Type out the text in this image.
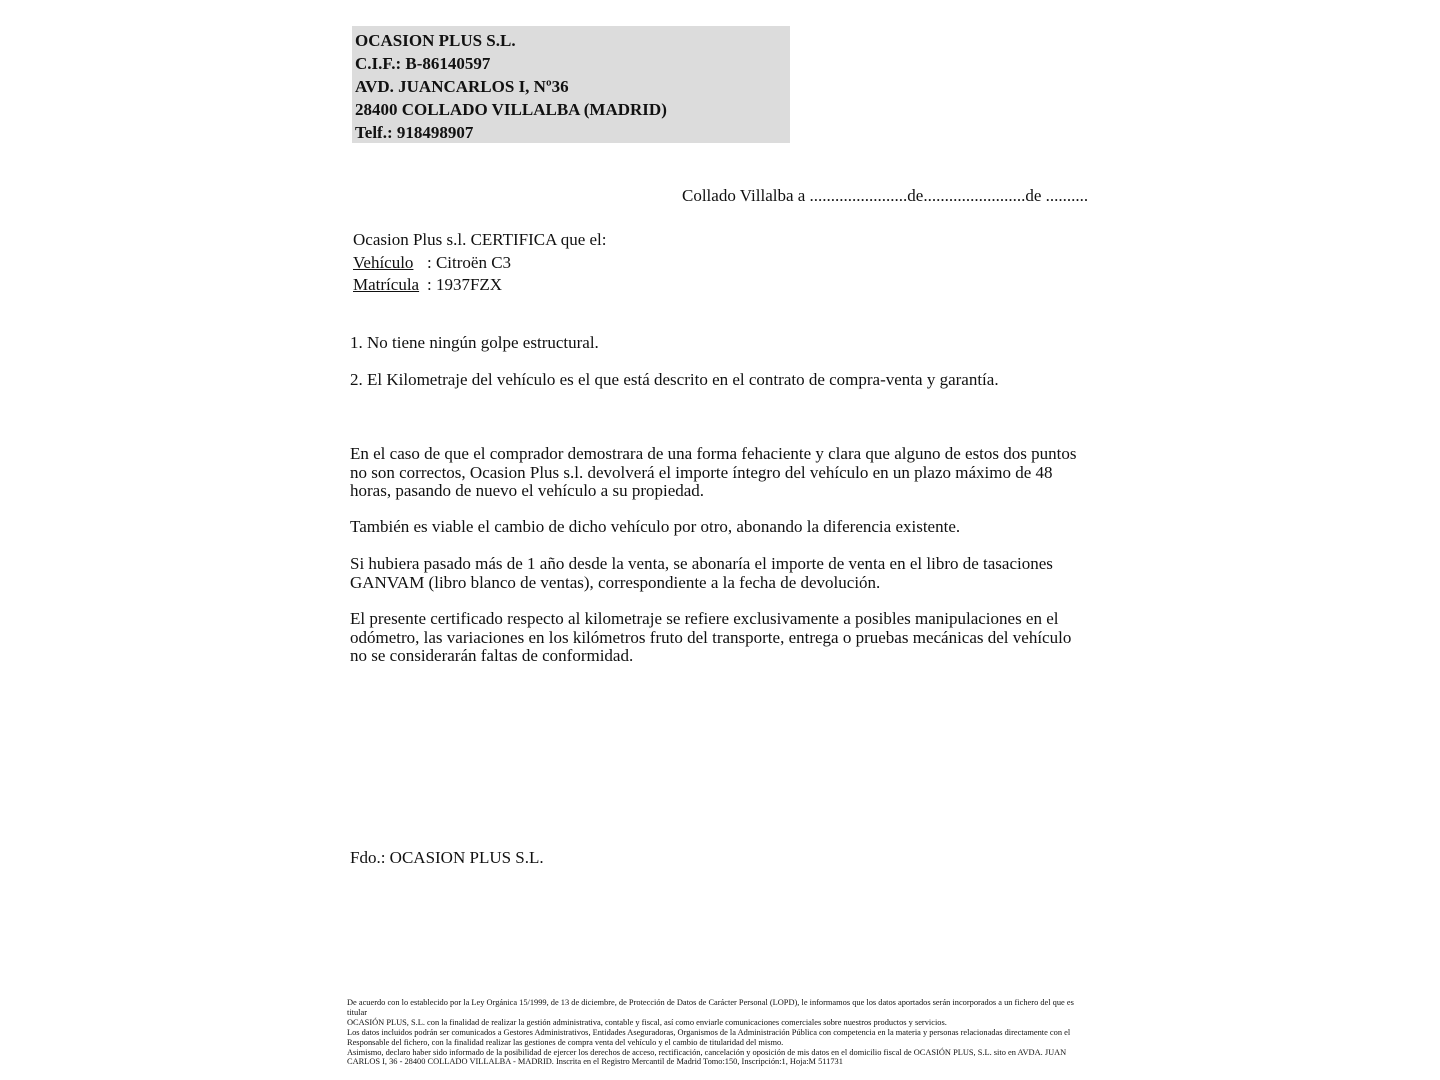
OCASION PLUS S.L.
C.I.F.: B-86140597
AVD. JUANCARLOS I, Nº36
28400 COLLADO VILLALBA (MADRID)
Telf.: 918498907
Collado Villalba a .......................de........................de ..........
Ocasion Plus s.l. CERTIFICA que el:
Vehículo : Citroën C3
Matrícula : 1937FZX
1. No tiene ningún golpe estructural.
2. El Kilometraje del vehículo es el que está descrito en el contrato de compra-venta y garantía.
En el caso de que el comprador demostrara de una forma fehaciente y clara que alguno de estos dos puntos no son correctos, Ocasion Plus s.l. devolverá el importe íntegro del vehículo en un plazo máximo de 48 horas, pasando de nuevo el vehículo a su propiedad.
También es viable el cambio de dicho vehículo por otro, abonando la diferencia existente.
Si hubiera pasado más de 1 año desde la venta, se abonaría el importe de venta en el libro de tasaciones GANVAM (libro blanco de ventas), correspondiente a la fecha de devolución.
El presente certificado respecto al kilometraje se refiere exclusivamente a posibles manipulaciones en el odómetro, las variaciones en los kilómetros fruto del transporte, entrega o pruebas mecánicas del vehículo no se considerarán faltas de conformidad.
Fdo.: OCASION PLUS S.L.
De acuerdo con lo establecido por la Ley Orgánica 15/1999, de 13 de diciembre, de Protección de Datos de Carácter Personal (LOPD), le informamos que los datos aportados serán incorporados a un fichero del que es titular
OCASIÓN PLUS, S.L. con la finalidad de realizar la gestión administrativa, contable y fiscal, así como enviarle comunicaciones comerciales sobre nuestros productos y servicios.
Los datos incluidos podrán ser comunicados a Gestores Administrativos, Entidades Aseguradoras, Organismos de la Administración Pública con competencia en la materia y personas relacionadas directamente con el
Responsable del fichero, con la finalidad realizar las gestiones de compra venta del vehículo y el cambio de titularidad del mismo.
Asimismo, declaro haber sido informado de la posibilidad de ejercer los derechos de acceso, rectificación, cancelación y oposición de mis datos en el domicilio fiscal de OCASIÓN PLUS, S.L. sito en AVDA. JUAN
CARLOS I, 36 - 28400 COLLADO VILLALBA - MADRID. Inscrita en el Registro Mercantil de Madrid Tomo:150, Inscripción:1, Hoja:M 511731
